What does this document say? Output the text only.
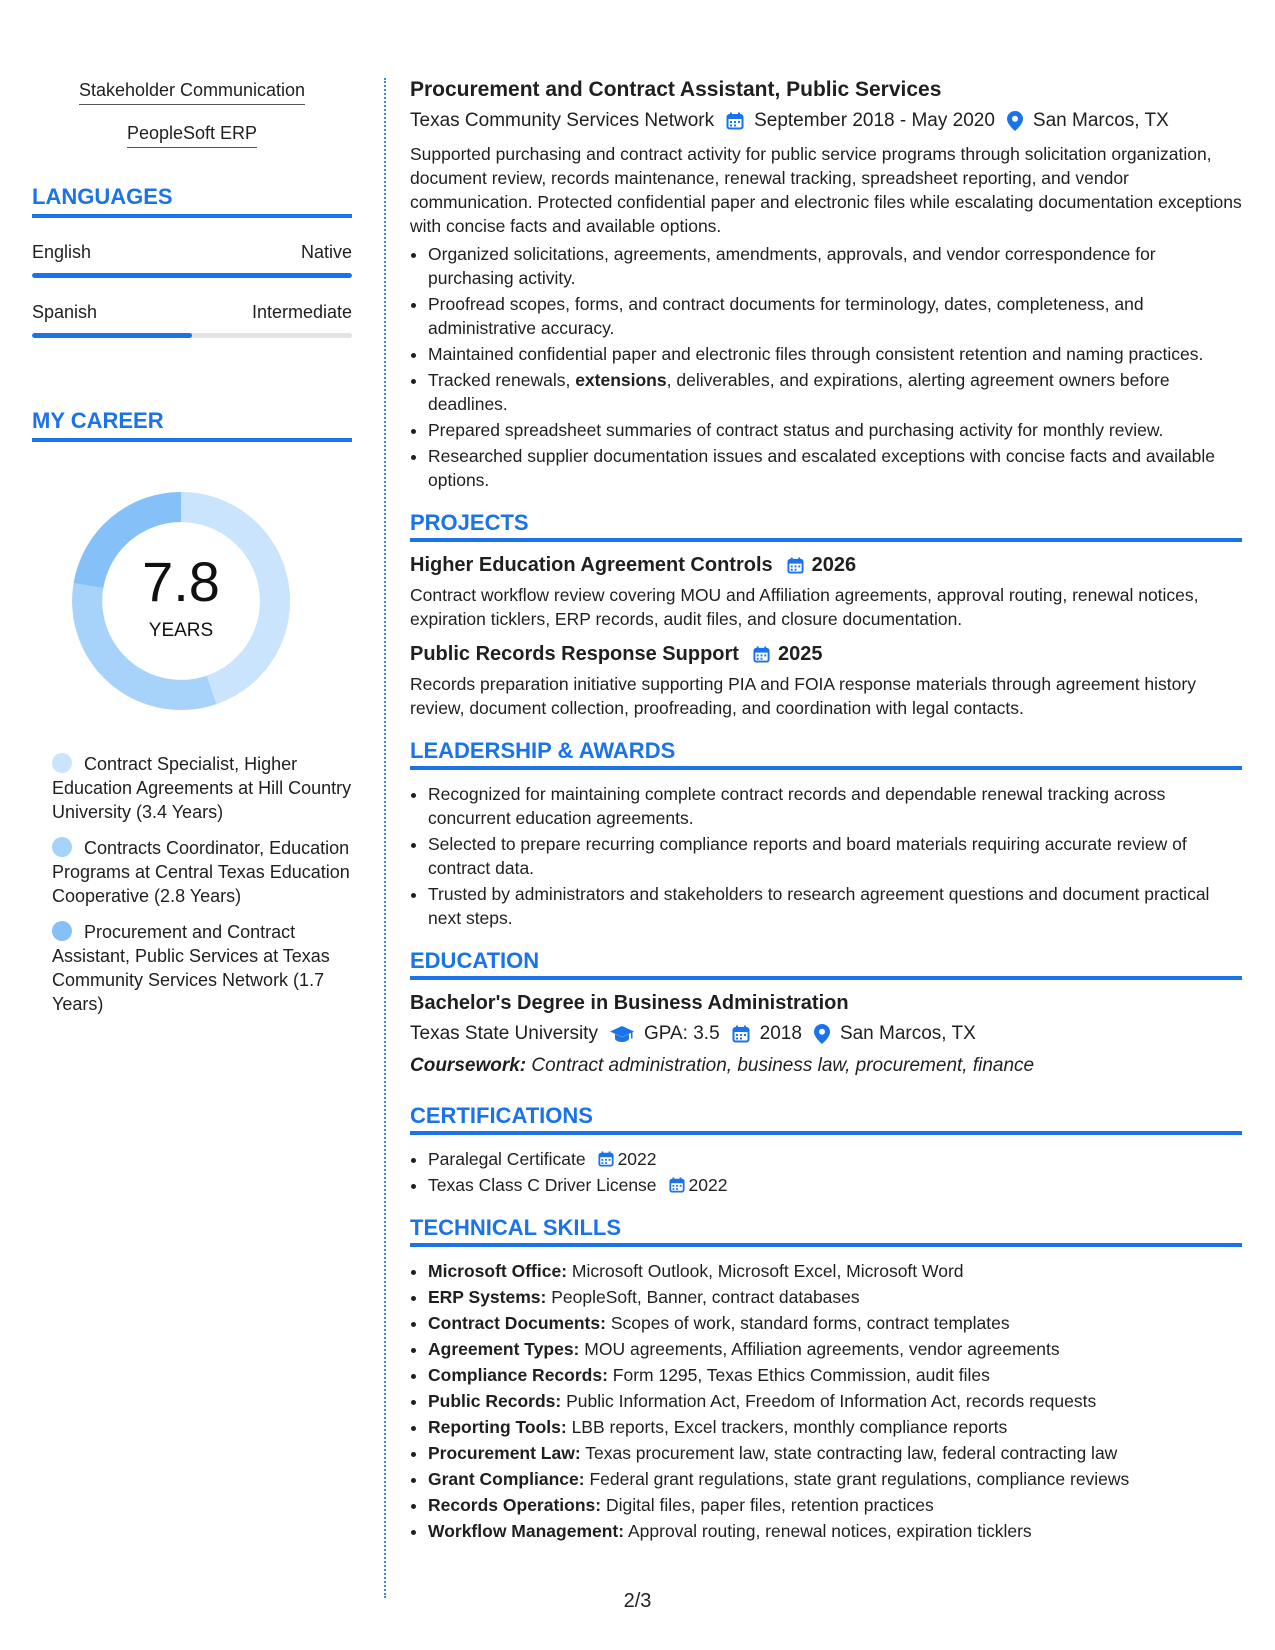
Stakeholder Communication
PeopleSoft ERP
LANGUAGES
English	Native
Spanish	Intermediate
MY CAREER
7.8
YEARS
Contract Specialist, Higher Education Agreements at Hill Country University (3.4 Years)
Contracts Coordinator, Education Programs at Central Texas Education Cooperative (2.8 Years)
Procurement and Contract Assistant, Public Services at Texas Community Services Network (1.7 Years)
Procurement and Contract Assistant, Public Services
Texas Community Services Network September 2018 - May 2020 San Marcos, TX

Supported purchasing and contract activity for public service programs through solicitation organization, document review, records maintenance, renewal tracking, spreadsheet reporting, and vendor communication. Protected confidential paper and electronic files while escalating documentation exceptions with concise facts and available options.

• Organized solicitations, agreements, amendments, approvals, and vendor correspondence for purchasing activity.
• Proofread scopes, forms, and contract documents for terminology, dates, completeness, and administrative accuracy.
• Maintained confidential paper and electronic files through consistent retention and naming practices.
• Tracked renewals, extensions, deliverables, and expirations, alerting agreement owners before deadlines.
• Prepared spreadsheet summaries of contract status and purchasing activity for monthly review.
• Researched supplier documentation issues and escalated exceptions with concise facts and available options.
PROJECTS
Higher Education Agreement Controls 2026

Contract workflow review covering MOU and Affiliation agreements, approval routing, renewal notices, expiration ticklers, ERP records, audit files, and closure documentation.

Public Records Response Support 2025

Records preparation initiative supporting PIA and FOIA response materials through agreement history review, document collection, proofreading, and coordination with legal contacts.

LEADERSHIP & AWARDS
• Recognized for maintaining complete contract records and dependable renewal tracking across concurrent education agreements.
• Selected to prepare recurring compliance reports and board materials requiring accurate review of contract data.
• Trusted by administrators and stakeholders to research agreement questions and document practical next steps.
EDUCATION
Bachelor's Degree in Business Administration
Texas State University GPA: 3.5 2018 San Marcos, TX
Coursework: Contract administration, business law, procurement, finance
CERTIFICATIONS
• Paralegal Certificate 2022
• Texas Class C Driver License 2022
TECHNICAL SKILLS
• Microsoft Office: Microsoft Outlook, Microsoft Excel, Microsoft Word
• ERP Systems: PeopleSoft, Banner, contract databases
• Contract Documents: Scopes of work, standard forms, contract templates
• Agreement Types: MOU agreements, Affiliation agreements, vendor agreements
• Compliance Records: Form 1295, Texas Ethics Commission, audit files
• Public Records: Public Information Act, Freedom of Information Act, records requests
• Reporting Tools: LBB reports, Excel trackers, monthly compliance reports
• Procurement Law: Texas procurement law, state contracting law, federal contracting law
• Grant Compliance: Federal grant regulations, state grant regulations, compliance reviews
• Records Operations: Digital files, paper files, retention practices
• Workflow Management: Approval routing, renewal notices, expiration ticklers
2/3
